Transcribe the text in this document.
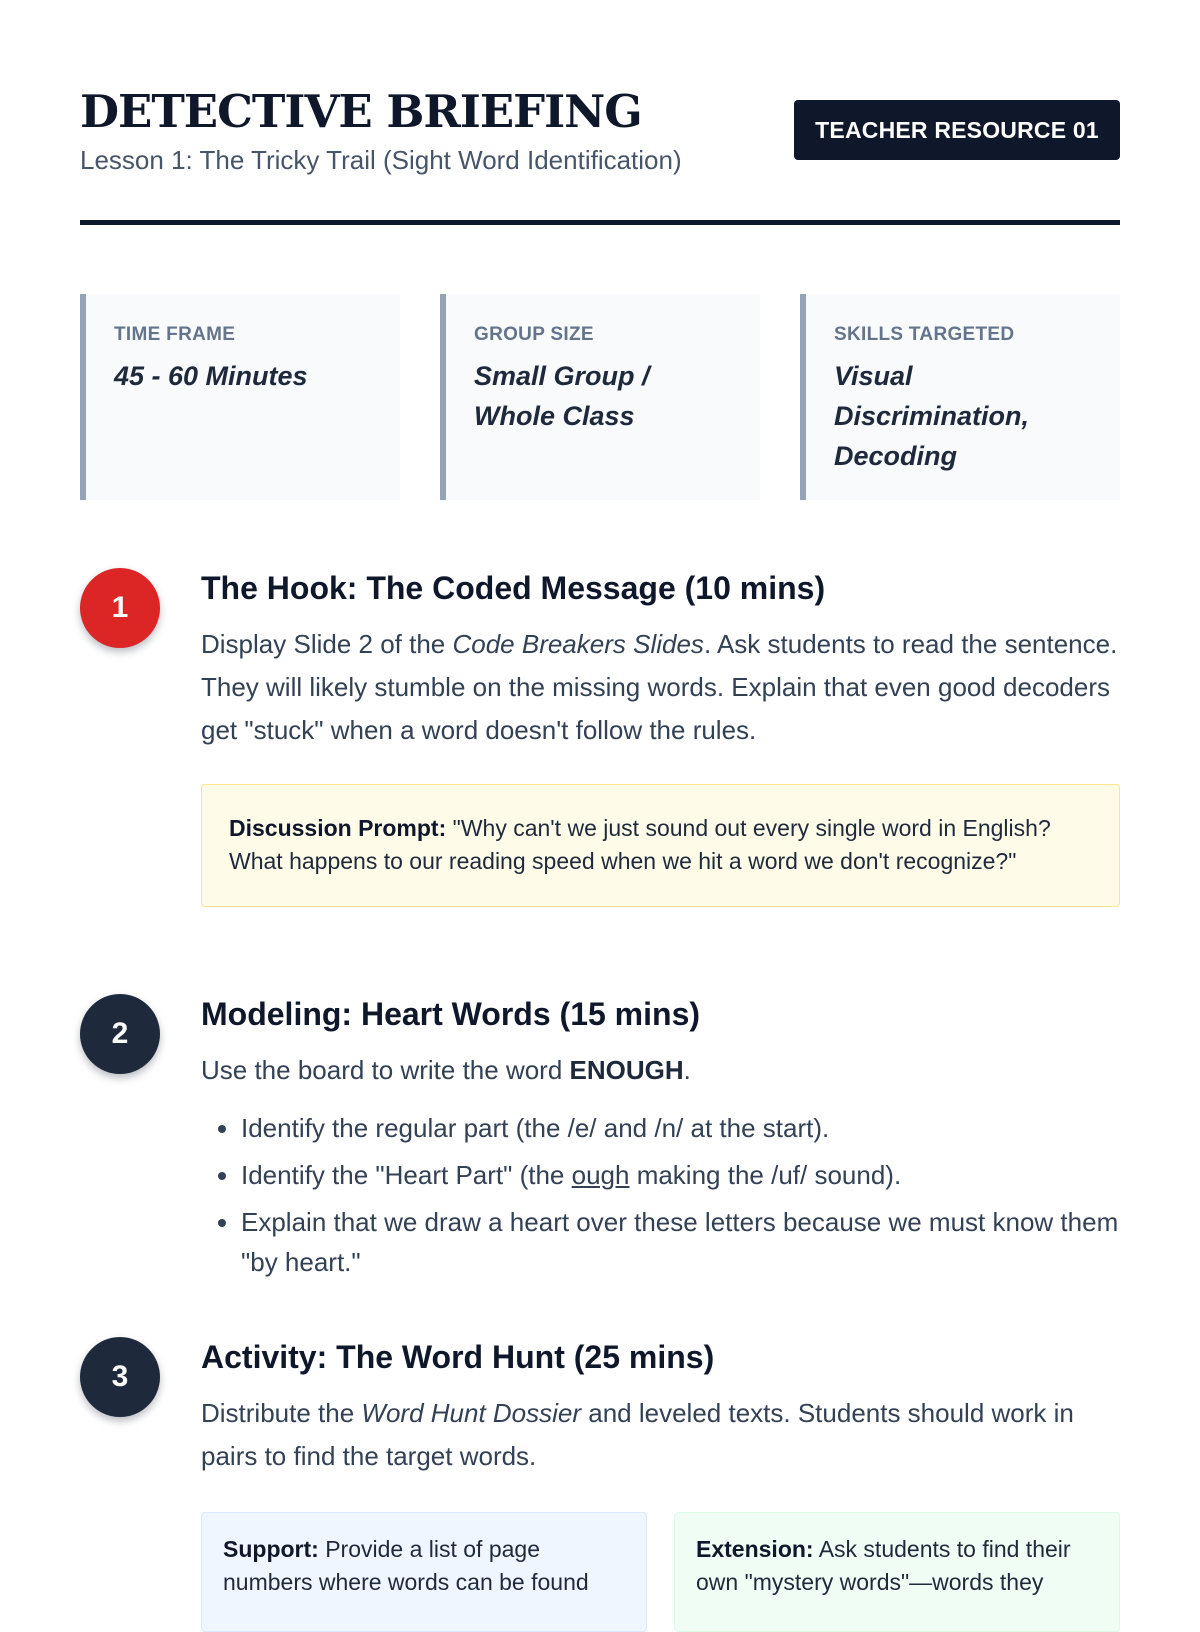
DETECTIVE BRIEFING
Lesson 1: The Tricky Trail (Sight Word Identification)
TEACHER RESOURCE 01
TIME FRAME
45 - 60 Minutes
GROUP SIZE
Small Group / Whole Class
SKILLS TARGETED
Visual Discrimination, Decoding
1
The Hook: The Coded Message (10 mins)

Display Slide 2 of the Code Breakers Slides. Ask students to read the sentence. They will likely stumble on the missing words. Explain that even good decoders get "stuck" when a word doesn't follow the rules.

Discussion Prompt: "Why can't we just sound out every single word in English? What happens to our reading speed when we hit a word we don't recognize?"
2
Modeling: Heart Words (15 mins)

Use the board to write the word ENOUGH.

• Identify the regular part (the /e/ and /n/ at the start).
• Identify the "Heart Part" (the ough making the /uf/ sound).
• Explain that we draw a heart over these letters because we must know them "by heart."
3
Activity: The Word Hunt (25 mins)

Distribute the Word Hunt Dossier and leveled texts. Students should work in pairs to find the target words.

Support: Provide a list of page numbers where words can be found
Extension: Ask students to find their own "mystery words"—words they
